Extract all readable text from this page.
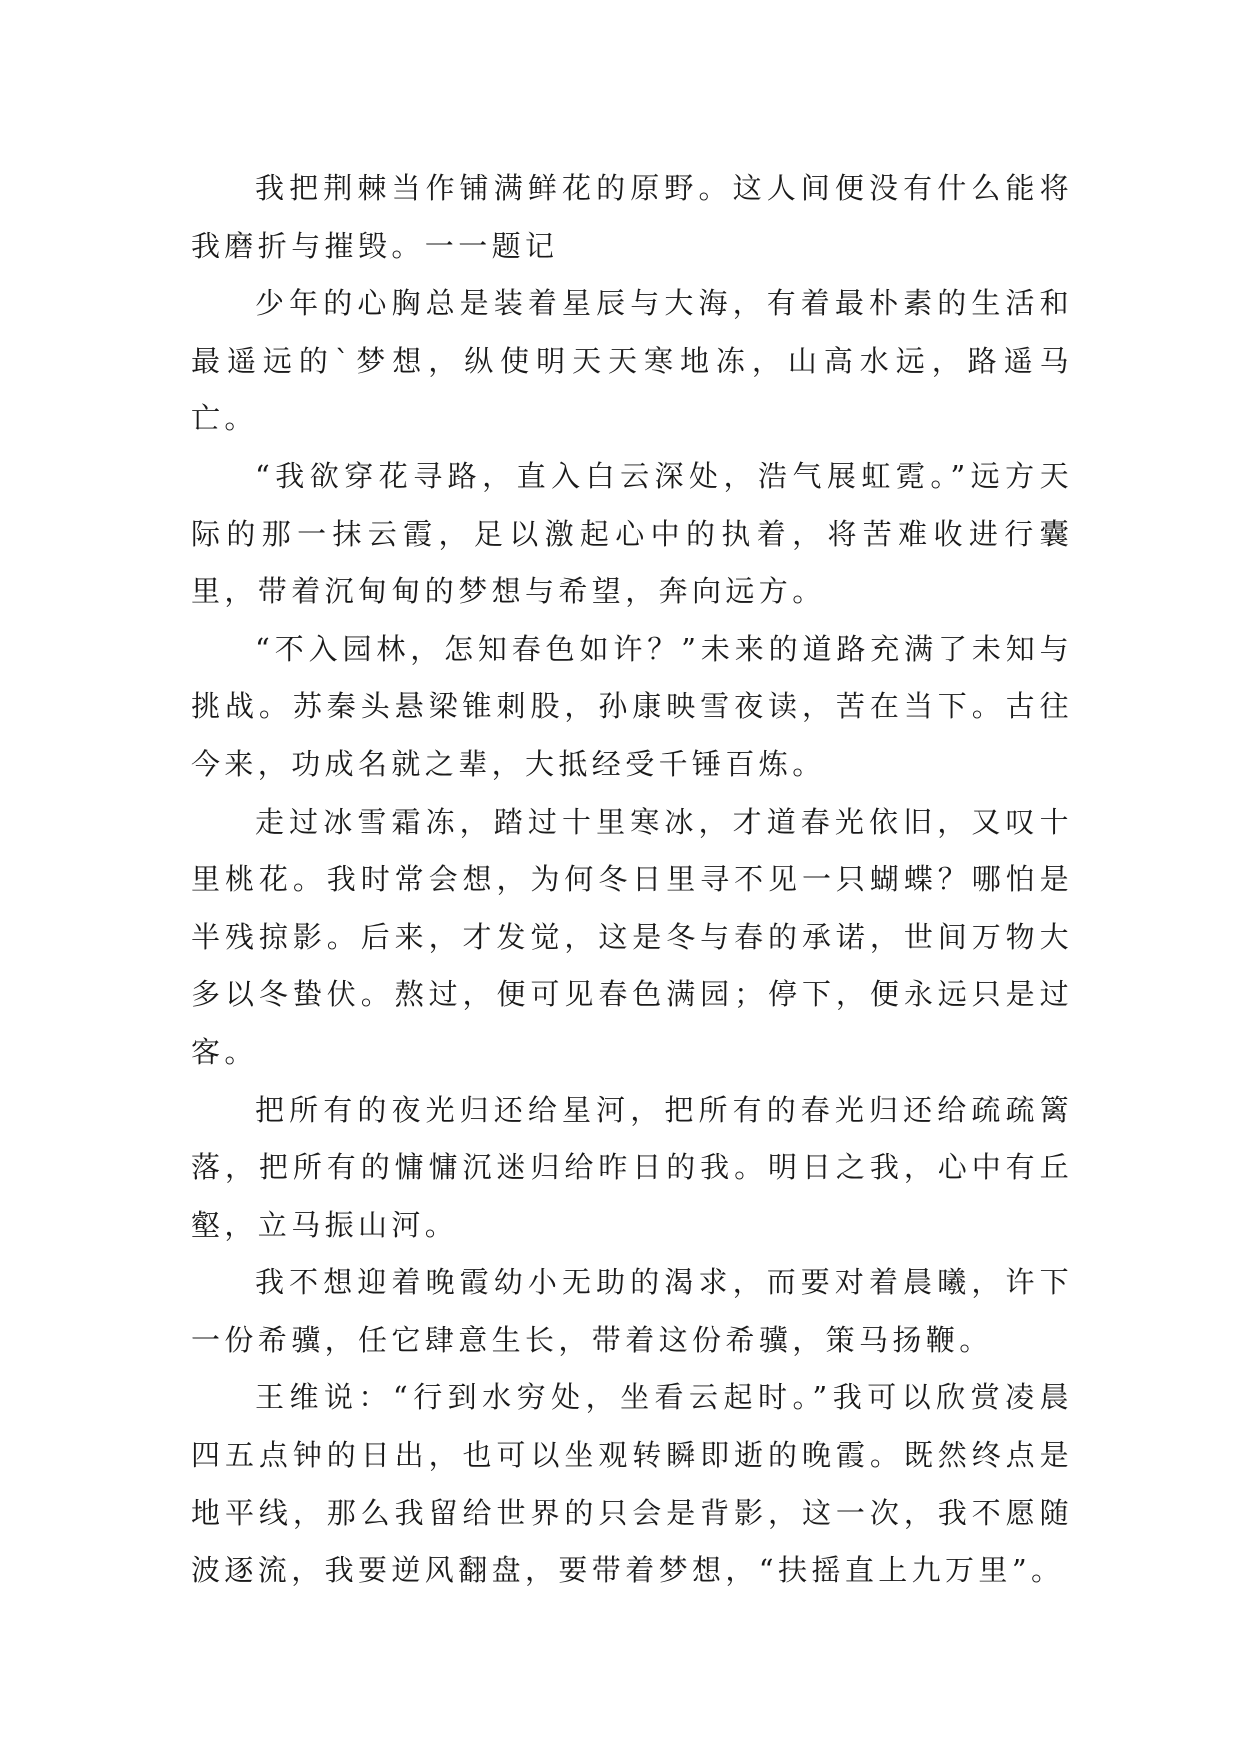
我把荆棘当作铺满鲜花的原野。这人间便没有什么能将我磨折与摧毁。一一题记

少年的心胸总是装着星辰与大海，有着最朴素的生活和最遥远的`梦想，纵使明天天寒地冻，山高水远，路遥马亡。

“我欲穿花寻路，直入白云深处，浩气展虹霓。”远方天际的那一抹云霞，足以激起心中的执着，将苦难收进行囊里，带着沉甸甸的梦想与希望，奔向远方。

“不入园林，怎知春色如许？”未来的道路充满了未知与挑战。苏秦头悬梁锥刺股，孙康映雪夜读，苦在当下。古往今来，功成名就之辈，大抵经受千锤百炼。

走过冰雪霜冻，踏过十里寒冰，才道春光依旧，又叹十里桃花。我时常会想，为何冬日里寻不见一只蝴蝶？哪怕是半残掠影。后来，才发觉，这是冬与春的承诺，世间万物大多以冬蛰伏。熬过，便可见春色满园；停下，便永远只是过客。

把所有的夜光归还给星河，把所有的春光归还给疏疏篱落，把所有的慵慵沉迷归给昨日的我。明日之我，心中有丘壑，立马振山河。

我不想迎着晚霞幼小无助的渴求，而要对着晨曦，许下一份希骥，任它肆意生长，带着这份希骥，策马扬鞭。

王维说：“行到水穷处，坐看云起时。”我可以欣赏凌晨四五点钟的日出，也可以坐观转瞬即逝的晚霞。既然终点是地平线，那么我留给世界的只会是背影，这一次，我不愿随波逐流，我要逆风翻盘，要带着梦想，“扶摇直上九万里”。
